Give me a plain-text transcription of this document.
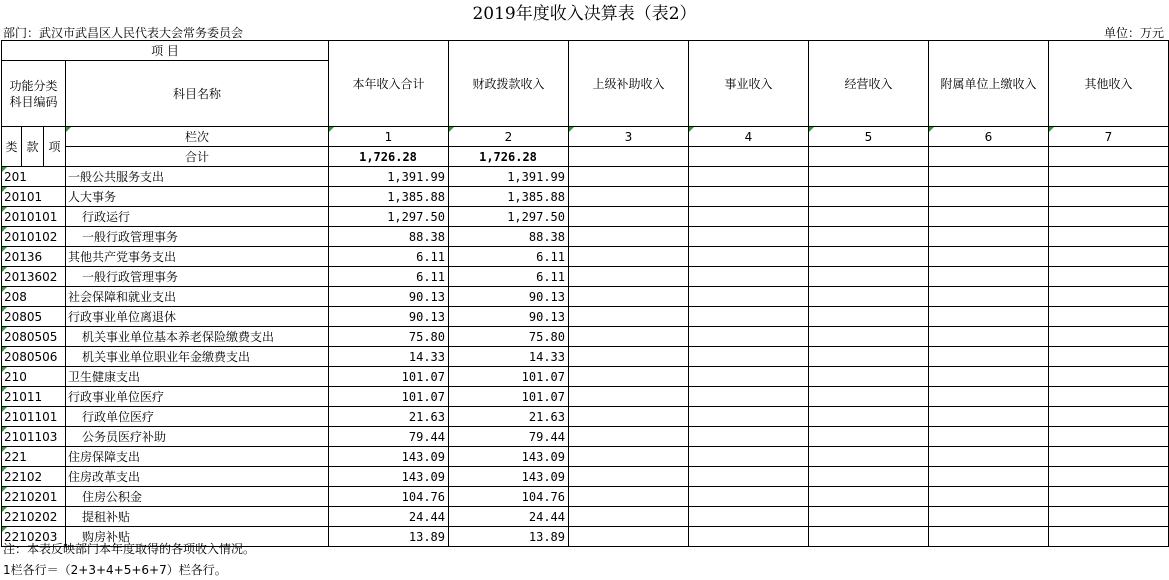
2019年度收入决算表（表2）
部门：武汉市武昌区人民代表大会常务委员会	单位：万元
项 目				本年收入合计	财政拨款收入	上级补助收入	事业收入	经营收入	附属单位上缴收入	其他收入
功能分类科目编码			科目名称							

类	款	项	栏次	1	2	3	4	5	6	7
			合计	1,726.28	1,726.28					
201			一般公共服务支出	1,391.99	1,391.99					
20101			人大事务	1,385.88	1,385.88					
2010101			行政运行	1,297.50	1,297.50					
2010102			一般行政管理事务	88.38	88.38					
20136			其他共产党事务支出	6.11	6.11					
2013602			一般行政管理事务	6.11	6.11					
208			社会保障和就业支出	90.13	90.13					
20805			行政事业单位离退休	90.13	90.13					
2080505			机关事业单位基本养老保险缴费支出	75.80	75.80					
2080506			机关事业单位职业年金缴费支出	14.33	14.33					
210			卫生健康支出	101.07	101.07					
21011			行政事业单位医疗	101.07	101.07					
2101101			行政单位医疗	21.63	21.63					
2101103			公务员医疗补助	79.44	79.44					
221			住房保障支出	143.09	143.09					
22102			住房改革支出	143.09	143.09					
2210201			住房公积金	104.76	104.76					
2210202			提租补贴	24.44	24.44					
2210203			购房补贴	13.89	13.89					
注：本表反映部门本年度取得的各项收入情况。
1栏各行＝（2+3+4+5+6+7）栏各行。
